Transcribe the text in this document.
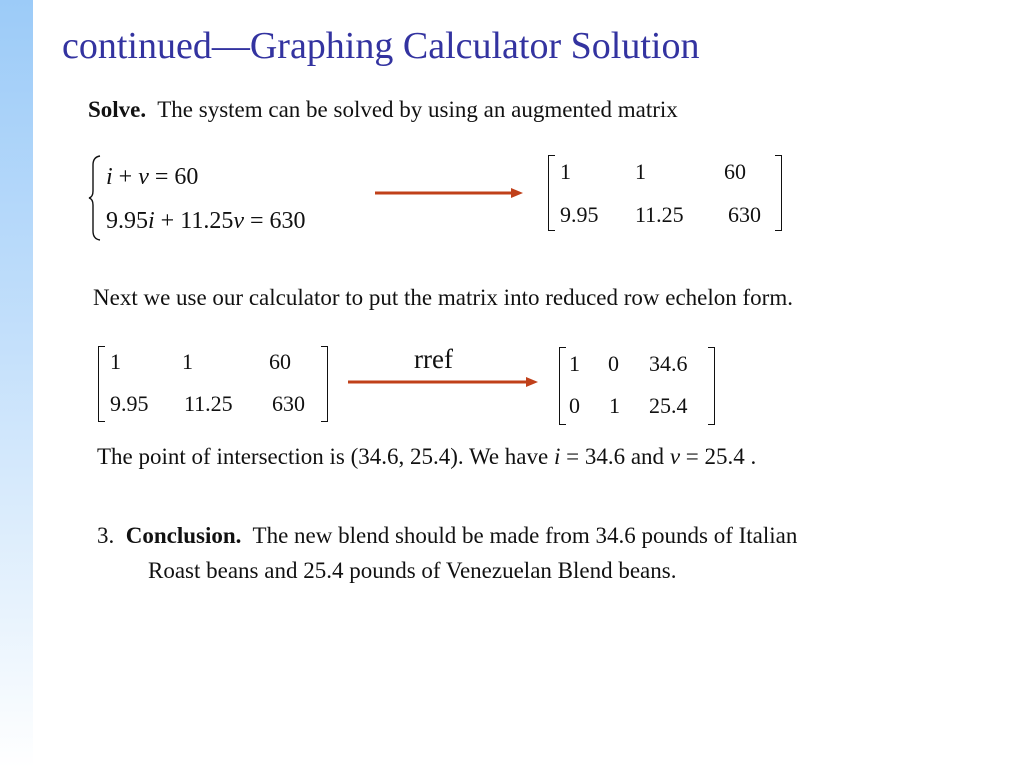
continued—Graphing Calculator Solution
Solve. The system can be solved by using an augmented matrix
i + v = 60
9.95i + 11.25v = 630
1	1	60
9.95 11.25 630
Next we use our calculator to put the matrix into reduced row echelon form.
1	1	60
9.95 11.25 630
rref	1 0 34.6
0 1 25.4
The point of intersection is (34.6, 25.4). We have i = 34.6 and v = 25.4 .
3. Conclusion. The new blend should be made from 34.6 pounds of Italian
Roast beans and 25.4 pounds of Venezuelan Blend beans.
